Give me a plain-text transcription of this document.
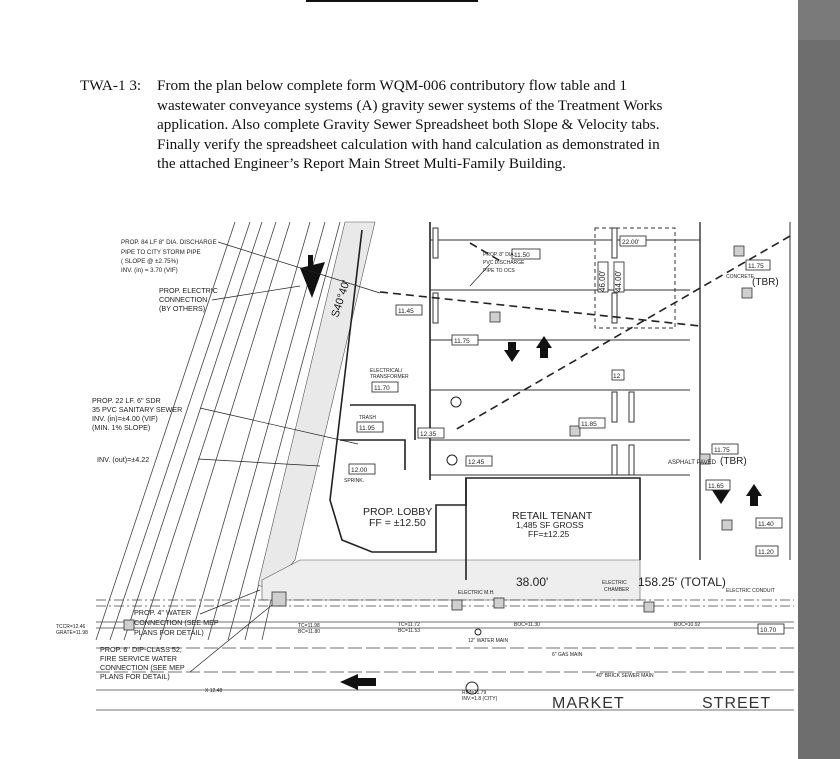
TWA-1 3: From the plan below complete form WQM-006 contributory flow table and 1
wastewater conveyance systems (A) gravity sewer systems of the Treatment Works
application. Also complete Gravity Sewer Spreadsheet both Slope & Velocity tabs.
Finally verify the spreadsheet calculation with hand calculation as demonstrated in
the attached Engineer’s Report Main Street Multi-Family Building.
PROP. 84 LF 8" DIA. DISCHARGE
PIPE TO CITY STORM PIPE
( SLOPE @ ±2.75%)
INV. (in) = 3.70 (VIF)
PROP. ELECTRIC
CONNECTION
(BY OTHERS)
PROP. 22 LF. 6" SDR
35 PVC SANITARY SEWER
INV. (in)=±4.00 (VIF)
(MIN. 1% SLOPE)
INV. (out)=±4.22
PROP. 4" WATER
CONNECTION (SEE MEP
PLANS FOR DETAIL)
PROP. 6" DIP-CLASS 52,
FIRE SERVICE WATER
CONNECTION (SEE MEP
PLANS FOR DETAIL)
TCCR=12.46
GRATE=11.98
TC=11.98
BC=11.80
TC=11.72
BC=11.53
BOC=11.30	BOC=10.92
RIM=11.79
INV.=1.8 (CITY)
X 12.48
ELECTRIC M.H.
ELECTRIC
CHAMBER	ELECTRIC CONDUIT
12" WATER MAIN
6" GAS MAIN
40" BRICK SEWER MAIN
CONCRETE
PROP. 8" DIA.
PVC DISCHARGE
PIPE TO OCS
ELECTRICAL/
TRANSFORMER
TRASH
SPRINK.
11.50
11.45
11.75
11.70
11.95
12.35
12.00
12.45
11.85
11.75
11.65
11.40
11.20
10.70
11.75
12
22.00'
46.00' 44.00'
S40°40'
ASPHALT PAVED (TBR)
(TBR)
PROP. LOBBY
FF = ±12.50
RETAIL TENANT
1,485 SF GROSS
FF=±12.25
38.00'	158.25' (TOTAL)
MARKET	STREET
